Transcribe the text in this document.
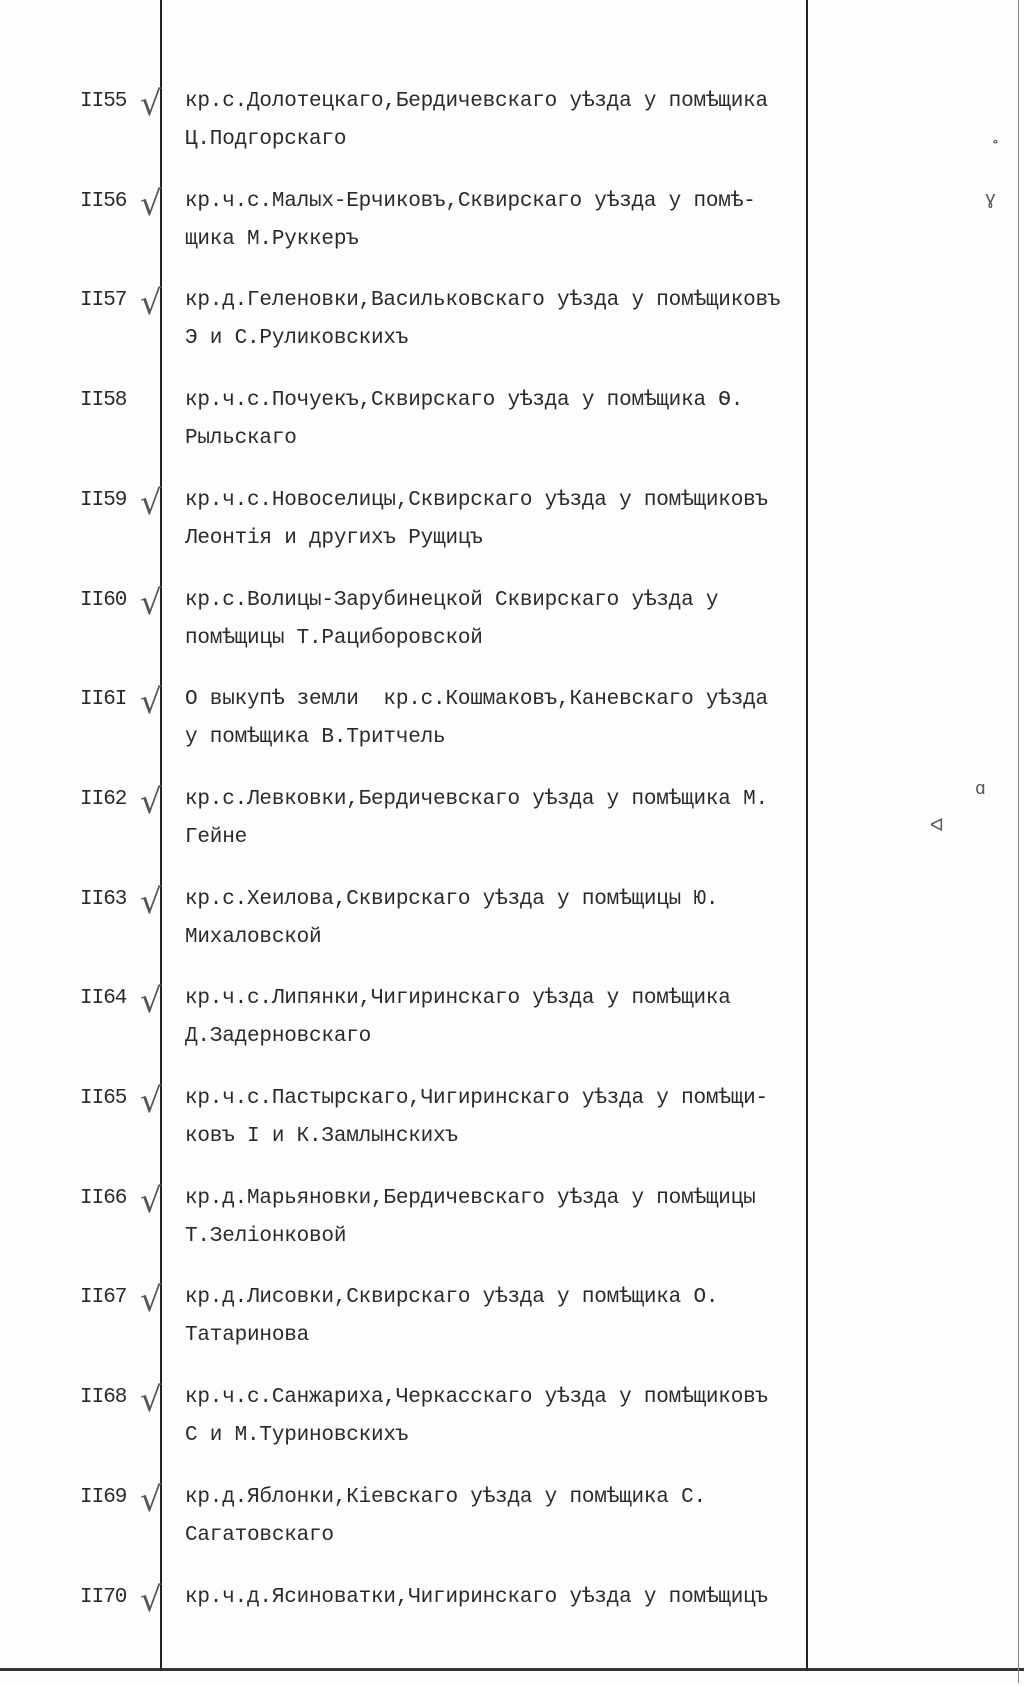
II55 √ кр.с.Долотецкаго,Бердичевскаго уѣзда у помѣщика
Ц.Подгорскаго
II56 √ кр.ч.с.Малых-Ерчиковъ,Сквирскаго уѣзда у помѣ-
щика М.Руккеръ
II57 √ кр.д.Геленовки,Васильковскаго уѣзда у помѣщиковъ
Э и С.Руликовскихъ
II58	кр.ч.с.Почуекъ,Сквирскаго уѣзда у помѣщика Ѳ.
Рыльскаго
II59 √ кр.ч.с.Новоселицы,Сквирскаго уѣзда у помѣщиковъ
Леонтія и другихъ Рущицъ
II60 √ кр.с.Волицы-Зарубинецкой Сквирскаго уѣзда у
помѣщицы Т.Рациборовской
II6I √ О выкупѣ земли  кр.с.Кошмаковъ,Каневскаго уѣзда
у помѣщика В.Тритчель
II62 √ кр.с.Левковки,Бердичевскаго уѣзда у помѣщика М.
Гейне
II63 √ кр.с.Хеилова,Сквирскаго уѣзда у помѣщицы Ю.
Михаловской
II64 √ кр.ч.с.Липянки,Чигиринскаго уѣзда у помѣщика
Д.Задерновскаго
II65 √ кр.ч.с.Пастырскаго,Чигиринскаго уѣзда у помѣщи-
ковъ I и К.Замлынскихъ
II66 √ кр.д.Марьяновки,Бердичевскаго уѣзда у помѣщицы
Т.Зеліонковой
II67 √ кр.д.Лисовки,Сквирскаго уѣзда у помѣщика О.
Татаринова
II68 √ кр.ч.с.Санжариха,Черкасскаго уѣзда у помѣщиковъ
С и М.Туриновскихъ
II69 √ кр.д.Яблонки,Кіевскаго уѣзда у помѣщика С.
Сагатовскаго
II70 √ кр.ч.д.Ясиноватки,Чигиринскаго уѣзда у помѣщицъ
˚
ɣ
ɑ
ᐊ
